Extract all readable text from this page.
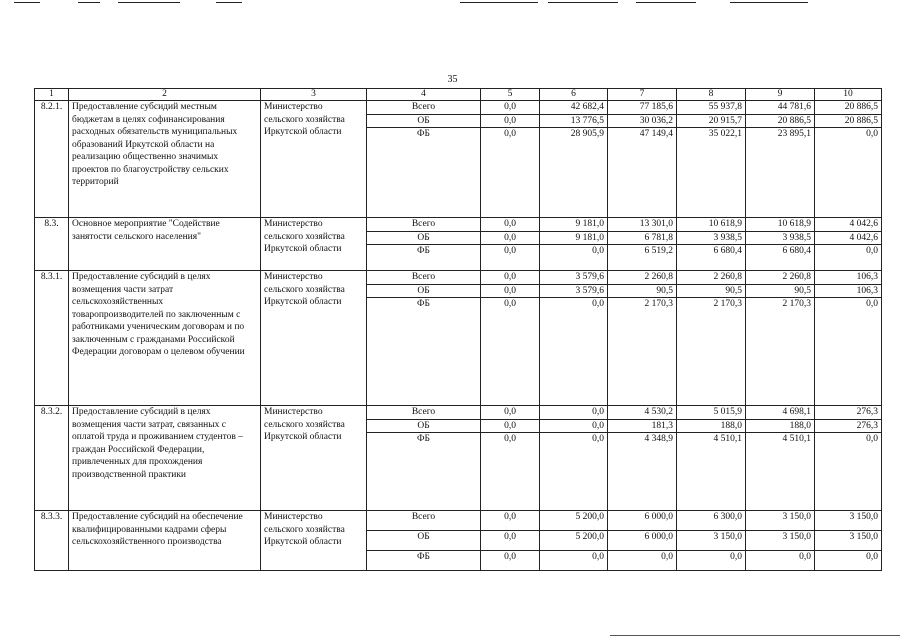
35
1	2	3	4	5	6	7	8	9	10
8.2.1.	Предоставление субсидий местным бюджетам в целях софинансирования расходных обязательств муниципальных образований Иркутской области на реализацию общественно значимых проектов по благоустройству сельских территорий	Министерство сельского хозяйства Иркутской области	Всего	0,0	42 682,4	77 185,6	55 937,8	44 781,6	20 886,5
			ОБ	0,0	13 776,5	30 036,2	20 915,7	20 886,5	20 886,5
			ФБ	0,0	28 905,9	47 149,4	35 022,1	23 895,1	0,0
8.3.	Основное мероприятие "Содействие занятости сельского населения"	Министерство сельского хозяйства Иркутской области	Всего	0,0	9 181,0	13 301,0	10 618,9	10 618,9	4 042,6
			ОБ	0,0	9 181,0	6 781,8	3 938,5	3 938,5	4 042,6
			ФБ	0,0	0,0	6 519,2	6 680,4	6 680,4	0,0
8.3.1.	Предоставление субсидий в целях возмещения части затрат сельскохозяйственных товаропроизводителей по заключенным с работниками ученическим договорам и по заключенным с гражданами Российской Федерации договорам о целевом обучении	Министерство сельского хозяйства Иркутской области	Всего	0,0	3 579,6	2 260,8	2 260,8	2 260,8	106,3
			ОБ	0,0	3 579,6	90,5	90,5	90,5	106,3
			ФБ	0,0	0,0	2 170,3	2 170,3	2 170,3	0,0
8.3.2.	Предоставление субсидий в целях возмещения части затрат, связанных с оплатой труда и проживанием студентов – граждан Российской Федерации, привлеченных для прохождения производственной практики	Министерство сельского хозяйства Иркутской области	Всего	0,0	0,0	4 530,2	5 015,9	4 698,1	276,3
			ОБ	0,0	0,0	181,3	188,0	188,0	276,3
			ФБ	0,0	0,0	4 348,9	4 510,1	4 510,1	0,0
8.3.3.	Предоставление субсидий на обеспечение квалифицированными кадрами сферы сельскохозяйственного производства	Министерство сельского хозяйства Иркутской области	Всего	0,0	5 200,0	6 000,0	6 300,0	3 150,0	3 150,0
			ОБ	0,0	5 200,0	6 000,0	3 150,0	3 150,0	3 150,0
			ФБ	0,0	0,0	0,0	0,0	0,0	0,0
